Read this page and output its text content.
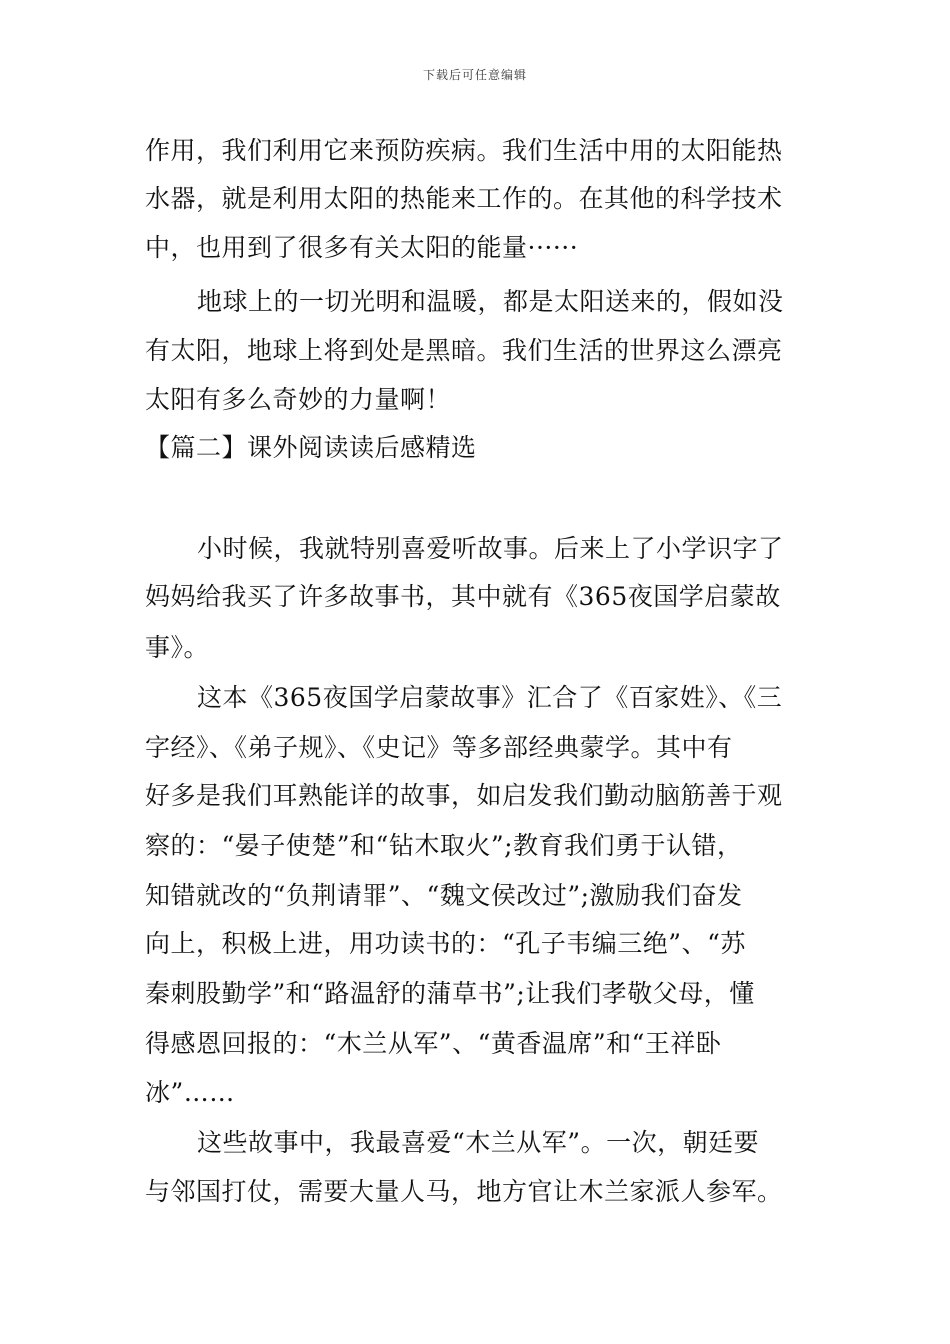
下载后可任意编辑
作用，我们利用它来预防疾病。我们生活中用的太阳能热
水器，就是利用太阳的热能来工作的。在其他的科学技术
中，也用到了很多有关太阳的能量······
地球上的一切光明和温暖，都是太阳送来的，假如没
有太阳，地球上将到处是黑暗。我们生活的世界这么漂亮
太阳有多么奇妙的力量啊！
【篇二】课外阅读读后感精选
小时候，我就特别喜爱听故事。后来上了小学识字了
妈妈给我买了许多故事书，其中就有《365夜国学启蒙故
事》。
这本《365夜国学启蒙故事》汇合了《百家姓》、《三
字经》、《弟子规》、《史记》等多部经典蒙学。其中有
好多是我们耳熟能详的故事，如启发我们勤动脑筋善于观
察的：“晏子使楚”和“钻木取火”;教育我们勇于认错，
知错就改的“负荆请罪”、“魏文侯改过”;激励我们奋发
向上，积极上进，用功读书的：“孔子韦编三绝”、“苏
秦刺股勤学”和“路温舒的蒲草书”;让我们孝敬父母，懂
得感恩回报的：“木兰从军”、“黄香温席”和“王祥卧
冰”……
这些故事中，我最喜爱“木兰从军”。一次，朝廷要
与邻国打仗，需要大量人马，地方官让木兰家派人参军。
